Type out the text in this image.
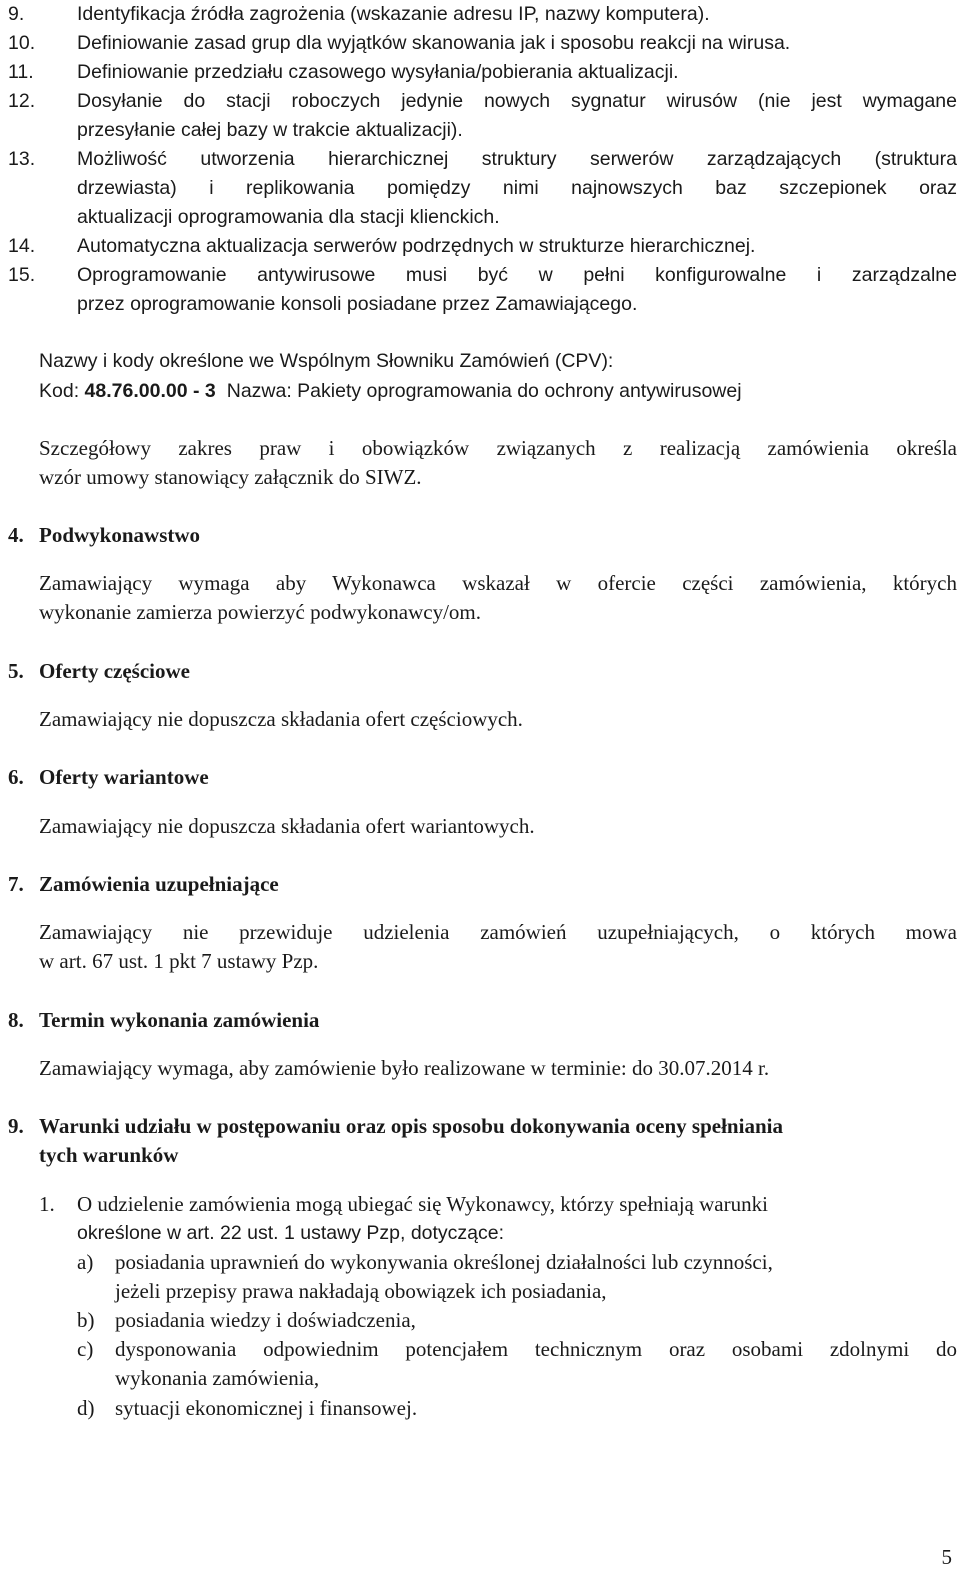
9.	Identyfikacja źródła zagrożenia (wskazanie adresu IP, nazwy komputera).
10. Definiowanie zasad grup dla wyjątków skanowania jak i sposobu reakcji na wirusa.
11. Definiowanie przedziału czasowego wysyłania/pobierania aktualizacji.
12. Dosyłanie do stacji roboczych jedynie nowych sygnatur wirusów (nie jest wymagane
przesyłanie całej bazy w trakcie aktualizacji).
13. Możliwość utworzenia hierarchicznej struktury serwerów zarządzających (struktura
drzewiasta) i replikowania pomiędzy nimi najnowszych baz szczepionek oraz
aktualizacji oprogramowania dla stacji klienckich.
14. Automatyczna aktualizacja serwerów podrzędnych w strukturze hierarchicznej.
15. Oprogramowanie antywirusowe musi być w pełni konfigurowalne i zarządzalne
przez oprogramowanie konsoli posiadane przez Zamawiającego.
Nazwy i kody określone we Wspólnym Słowniku Zamówień (CPV):
Kod: 48.76.00.00 - 3 Nazwa: Pakiety oprogramowania do ochrony antywirusowej
Szczegółowy zakres praw i obowiązków związanych z realizacją zamówienia określa
wzór umowy stanowiący załącznik do SIWZ.
4. Podwykonawstwo
Zamawiający wymaga aby Wykonawca wskazał w ofercie części zamówienia, których
wykonanie zamierza powierzyć podwykonawcy/om.
5. Oferty częściowe
Zamawiający nie dopuszcza składania ofert częściowych.
6. Oferty wariantowe
Zamawiający nie dopuszcza składania ofert wariantowych.
7. Zamówienia uzupełniające
Zamawiający nie przewiduje udzielenia zamówień uzupełniających, o których mowa
w art. 67 ust. 1 pkt 7 ustawy Pzp.
8. Termin wykonania zamówienia
Zamawiający wymaga, aby zamówienie było realizowane w terminie: do 30.07.2014 r.
9. Warunki udziału w postępowaniu oraz opis sposobu dokonywania oceny spełniania
tych warunków
1. O udzielenie zamówienia mogą ubiegać się Wykonawcy, którzy spełniają warunki
określone w art. 22 ust. 1 ustawy Pzp, dotyczące:
a) posiadania uprawnień do wykonywania określonej działalności lub czynności,
jeżeli przepisy prawa nakładają obowiązek ich posiadania,
b) posiadania wiedzy i doświadczenia,
c) dysponowania odpowiednim potencjałem technicznym oraz osobami zdolnymi do
wykonania zamówienia,
d) sytuacji ekonomicznej i finansowej.
5
